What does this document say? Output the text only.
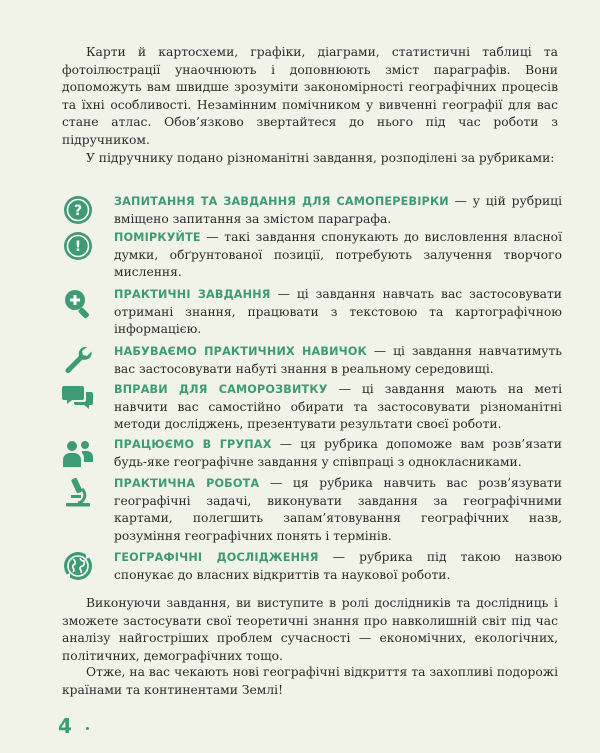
Карти й картосхеми, графіки, діаграми, статистичні таблиці та фотоілюстрації унаочнюють і доповнюють зміст параграфів. Вони допоможуть вам швидше зрозуміти закономірності географічних процесів та їхні особливості. Незамінним помічником у вивченні географії для вас стане атлас. Обов’язково звертайтеся до нього під час роботи з підручником.

У підручнику подано різноманітні завдання, розподілені за рубриками:

?
ЗАПИТАННЯ ТА ЗАВДАННЯ ДЛЯ САМОПЕРЕВІРКИ — у цій рубриці вміщено запитання за змістом параграфа.
!
ПОМІРКУЙТЕ — такі завдання спонукають до висловлення власної думки, обґрунтованої позиції, потребують залучення творчого мислення.
ПРАКТИЧНІ ЗАВДАННЯ — ці завдання навчать вас застосовувати отримані знання, працювати з текстовою та картографічною інформацією.
НАБУВАЄМО ПРАКТИЧНИХ НАВИЧОК — ці завдання навчатимуть вас застосовувати набуті знання в реальному середовищі.
ВПРАВИ ДЛЯ САМОРОЗВИТКУ — ці завдання мають на меті навчити вас самостійно обирати та застосовувати різноманітні методи досліджень, презентувати результати своєї роботи.
ПРАЦЮЄМО В ГРУПАХ — ця рубрика допоможе вам розв’язати будь-яке географічне завдання у співпраці з однокласниками.
ПРАКТИЧНА РОБОТА — ця рубрика навчить вас розв’язувати географічні задачі, виконувати завдання за географічними картами, полегшить запам’ятовування географічних назв, розуміння географічних понять і термінів.
ГЕОГРАФІЧНІ ДОСЛІДЖЕННЯ — рубрика під такою назвою спонукає до власних відкриттів та наукової роботи.

Виконуючи завдання, ви виступите в ролі дослідників та дослідниць і зможете застосувати свої теоретичні знання про навколишній світ під час аналізу найгостріших проблем сучасності — економічних, екологічних, політичних, демографічних тощо.

Отже, на вас чекають нові географічні відкриття та захопливі подорожі країнами та континентами Землі!

4
